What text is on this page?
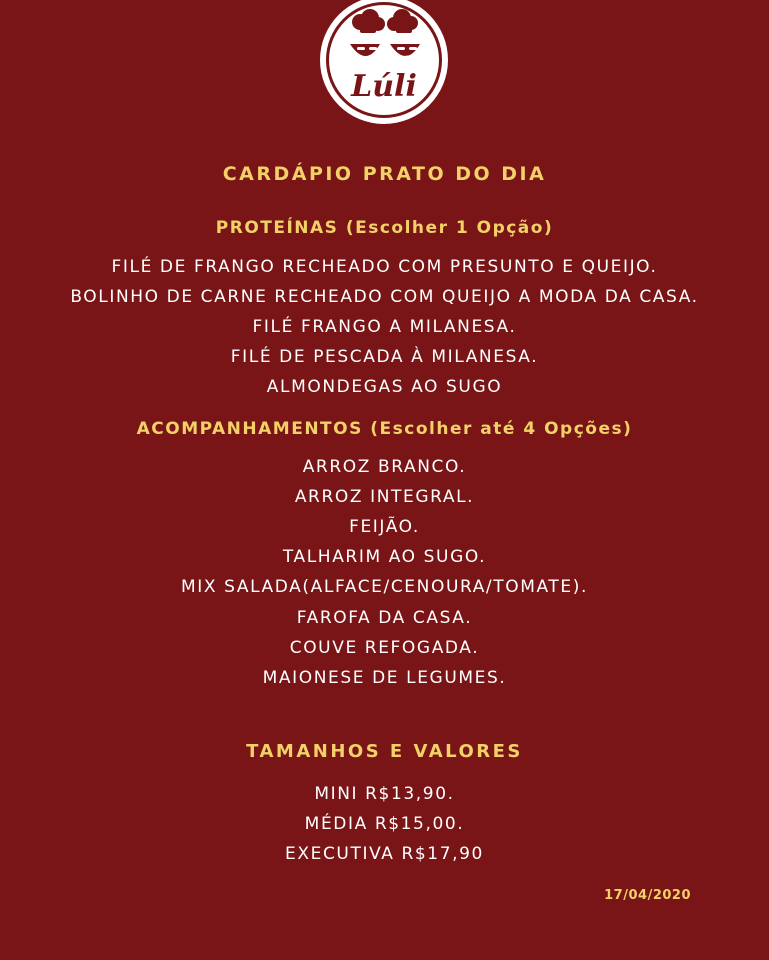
Lúli
CARDÁPIO PRATO DO DIA
PROTEÍNAS (Escolher 1 Opção)
FILÉ DE FRANGO RECHEADO COM PRESUNTO E QUEIJO.
BOLINHO DE CARNE RECHEADO COM QUEIJO A MODA DA CASA.
FILÉ FRANGO A MILANESA.
FILÉ DE PESCADA À MILANESA.
ALMONDEGAS AO SUGO
ACOMPANHAMENTOS (Escolher até 4 Opções)
ARROZ BRANCO.
ARROZ INTEGRAL.
FEIJÃO.
TALHARIM AO SUGO.
MIX SALADA(ALFACE/CENOURA/TOMATE).
FAROFA DA CASA.
COUVE REFOGADA.
MAIONESE DE LEGUMES.
TAMANHOS E VALORES
MINI R$13,90.
MÉDIA R$15,00.
EXECUTIVA R$17,90
17/04/2020
